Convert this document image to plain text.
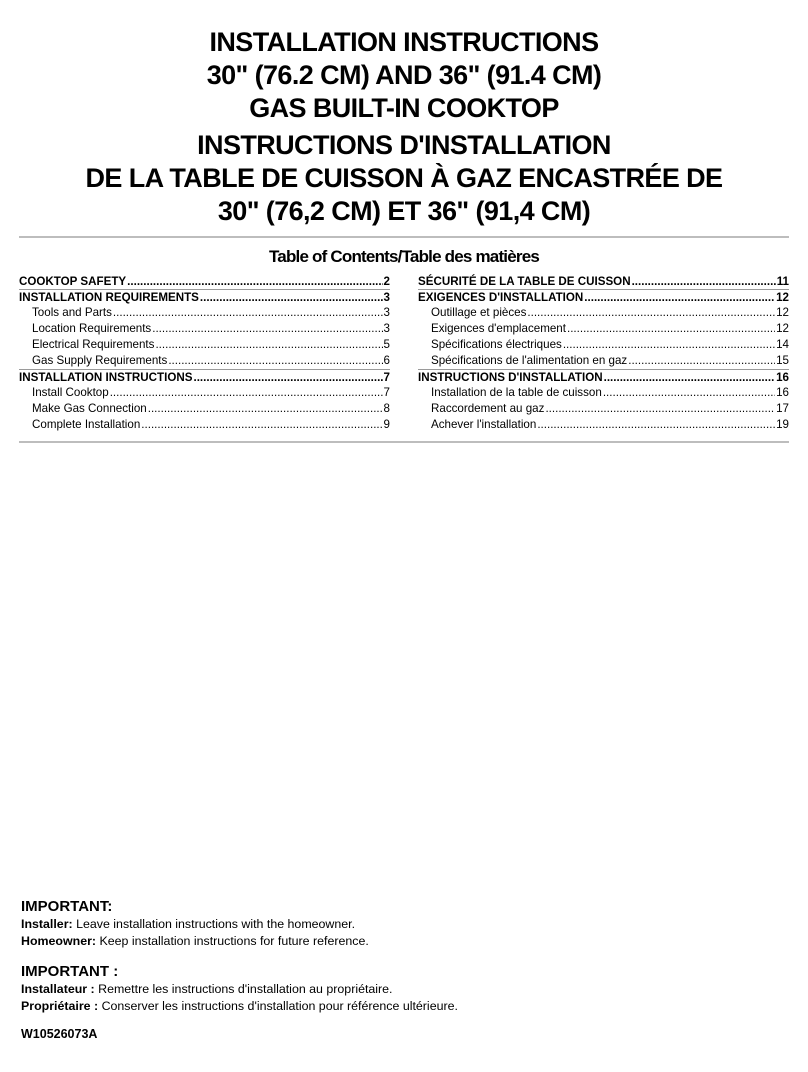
INSTALLATION INSTRUCTIONS
30" (76.2 CM) AND 36" (91.4 CM)
GAS BUILT-IN COOKTOP
INSTRUCTIONS D'INSTALLATION
DE LA TABLE DE CUISSON À GAZ ENCASTRÉE DE
30" (76,2 CM) ET 36" (91,4 CM)
Table of Contents/Table des matières
COOKTOP SAFETY .....	2
INSTALLATION REQUIREMENTS .....	3
Tools and Parts .....	3
Location Requirements .....	3
Electrical Requirements .....	5
Gas Supply Requirements .....	6
INSTALLATION INSTRUCTIONS .....	7
Install Cooktop .....	7
Make Gas Connection .....	8
Complete Installation .....	9
SÉCURITÉ DE LA TABLE DE CUISSON .....	11
EXIGENCES D'INSTALLATION .....	12
Outillage et pièces .....	12
Exigences d'emplacement .....	12
Spécifications électriques .....	14
Spécifications de l'alimentation en gaz .....	15
INSTRUCTIONS D'INSTALLATION .....	16
Installation de la table de cuisson .....	16
Raccordement au gaz .....	17
Achever l'installation .....	19
IMPORTANT:
Installer: Leave installation instructions with the homeowner.
Homeowner: Keep installation instructions for future reference.
IMPORTANT :
Installateur : Remettre les instructions d'installation au propriétaire.
Propriétaire : Conserver les instructions d'installation pour référence ultérieure.
W10526073A
